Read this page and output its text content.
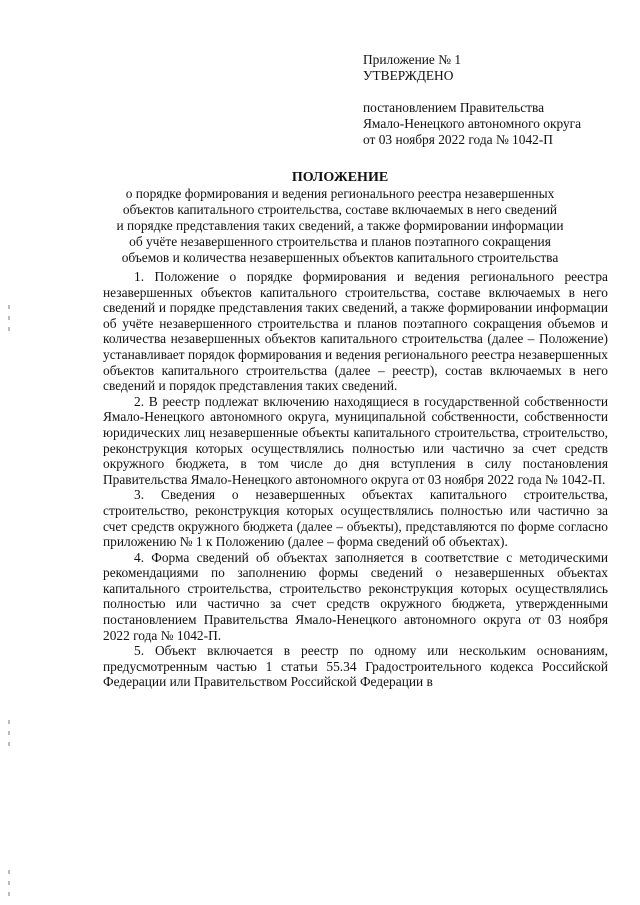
Приложение № 1
УТВЕРЖДЕНО
постановлением Правительства
Ямало-Ненецкого автономного округа
от 03 ноября 2022 года № 1042-П
ПОЛОЖЕНИЕ
о порядке формирования и ведения регионального реестра незавершенных
объектов капитального строительства, составе включаемых в него сведений
и порядке представления таких сведений, а также формировании информации
об учёте незавершенного строительства и планов поэтапного сокращения
объемов и количества незавершенных объектов капитального строительства

1. Положение о порядке формирования и ведения регионального реестра незавершенных объектов капитального строительства, составе включаемых в него сведений и порядке представления таких сведений, а также формировании информации об учёте незавершенного строительства и планов поэтапного сокращения объемов и количества незавершенных объектов капитального строительства (далее – Положение) устанавливает порядок формирования и ведения регионального реестра незавершенных объектов капитального строительства (далее – реестр), состав включаемых в него сведений и порядок представления таких сведений.

2. В реестр подлежат включению находящиеся в государственной собственности Ямало-Ненецкого автономного округа, муниципальной собственности, собственности юридических лиц незавершенные объекты капитального строительства, строительство, реконструкция которых осуществлялись полностью или частично за счет средств окружного бюджета, в том числе до дня вступления в силу постановления Правительства Ямало-Ненецкого автономного округа от 03 ноября 2022 года № 1042-П.

3. Сведения о незавершенных объектах капитального строительства, строительство, реконструкция которых осуществлялись полностью или частично за счет средств окружного бюджета (далее – объекты), представляются по форме согласно приложению № 1 к Положению (далее – форма сведений об объектах).

4. Форма сведений об объектах заполняется в соответствие с методическими рекомендациями по заполнению формы сведений о незавершенных объектах капитального строительства, строительство реконструкция которых осуществлялись полностью или частично за счет средств окружного бюджета, утвержденными постановлением Правительства Ямало-Ненецкого автономного округа от 03 ноября 2022 года № 1042-П.

5. Объект включается в реестр по одному или нескольким основаниям, предусмотренным частью 1 статьи 55.34 Градостроительного кодекса Российской Федерации или Правительством Российской Федерации в
